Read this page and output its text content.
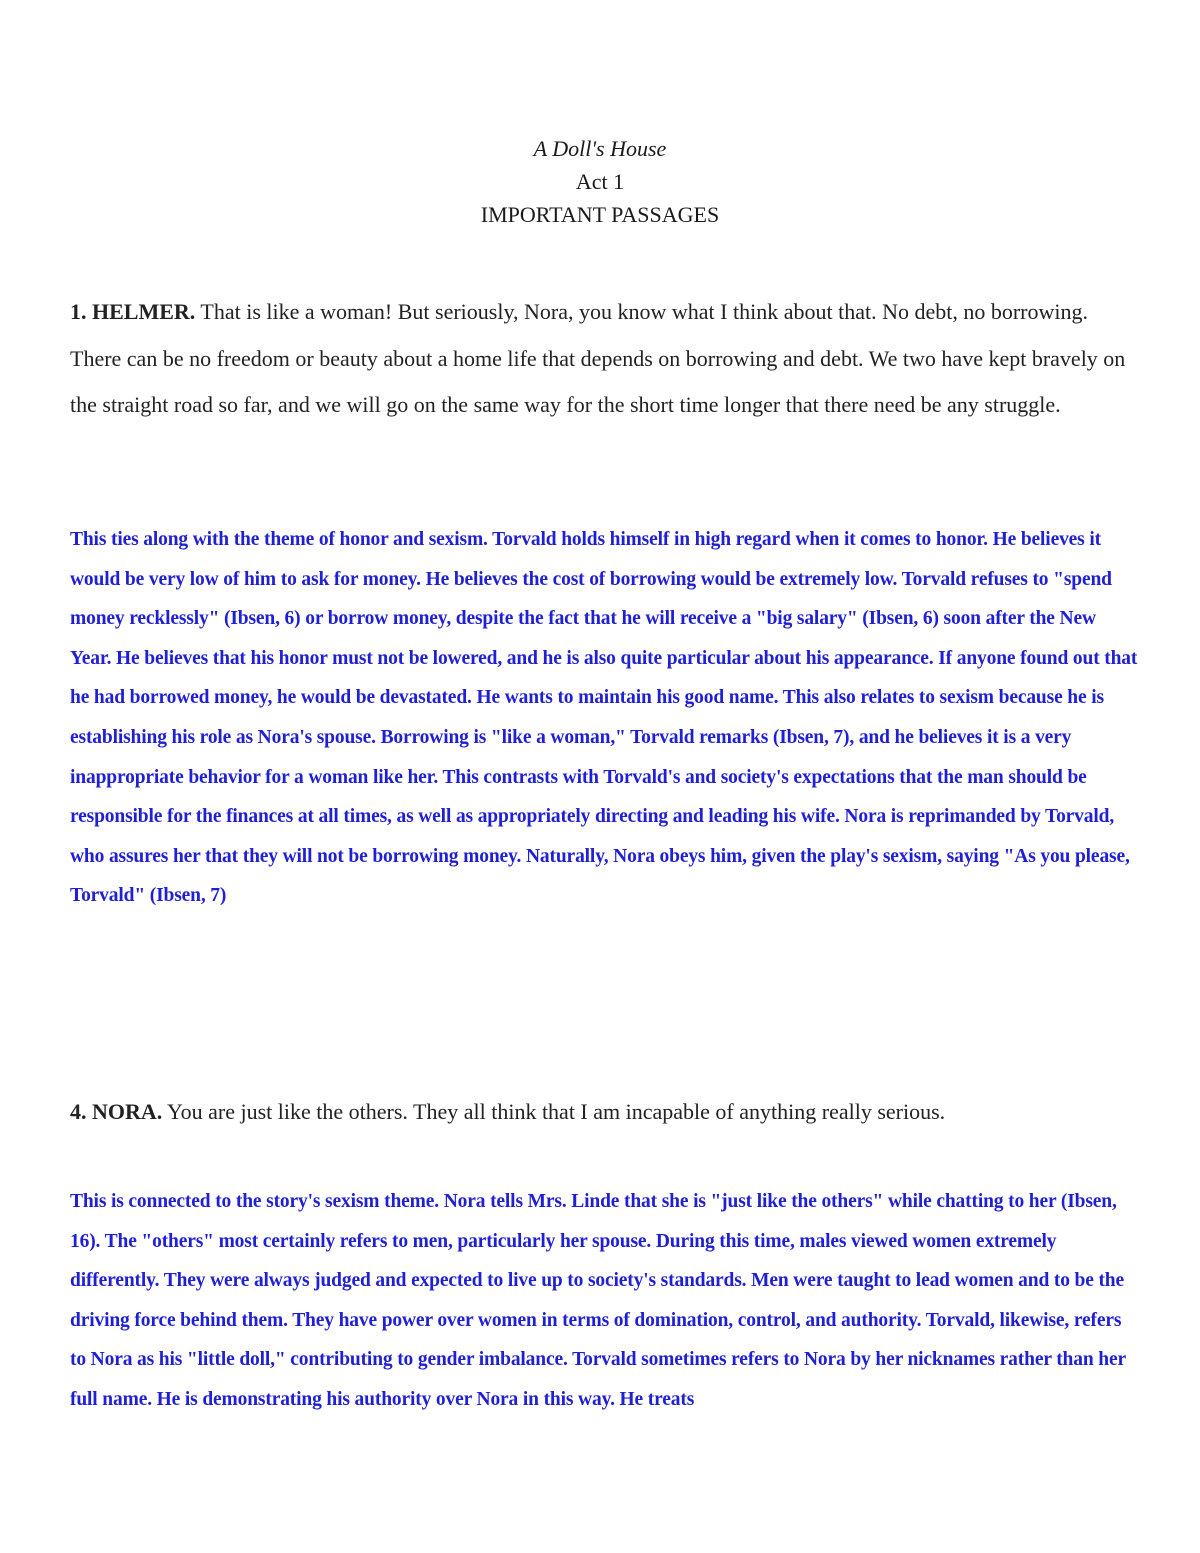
A Doll's House

Act 1

IMPORTANT PASSAGES

1. HELMER. That is like a woman! But seriously, Nora, you know what I think about that. No debt, no borrowing. There can be no freedom or beauty about a home life that depends on borrowing and debt. We two have kept bravely on the straight road so far, and we will go on the same way for the short time longer that there need be any struggle.

This ties along with the theme of honor and sexism. Torvald holds himself in high regard when it comes to honor. He believes it would be very low of him to ask for money. He believes the cost of borrowing would be extremely low. Torvald refuses to "spend money recklessly" (Ibsen, 6) or borrow money, despite the fact that he will receive a "big salary" (Ibsen, 6) soon after the New Year. He believes that his honor must not be lowered, and he is also quite particular about his appearance. If anyone found out that he had borrowed money, he would be devastated. He wants to maintain his good name. This also relates to sexism because he is establishing his role as Nora's spouse. Borrowing is "like a woman," Torvald remarks (Ibsen, 7), and he believes it is a very inappropriate behavior for a woman like her. This contrasts with Torvald's and society's expectations that the man should be responsible for the finances at all times, as well as appropriately directing and leading his wife. Nora is reprimanded by Torvald, who assures her that they will not be borrowing money. Naturally, Nora obeys him, given the play's sexism, saying "As you please, Torvald" (Ibsen, 7)

4. NORA. You are just like the others. They all think that I am incapable of anything really serious.

This is connected to the story's sexism theme. Nora tells Mrs. Linde that she is "just like the others" while chatting to her (Ibsen, 16). The "others" most certainly refers to men, particularly her spouse. During this time, males viewed women extremely differently. They were always judged and expected to live up to society's standards. Men were taught to lead women and to be the driving force behind them. They have power over women in terms of domination, control, and authority. Torvald, likewise, refers to Nora as his "little doll," contributing to gender imbalance. Torvald sometimes refers to Nora by her nicknames rather than her full name. He is demonstrating his authority over Nora in this way. He treats
